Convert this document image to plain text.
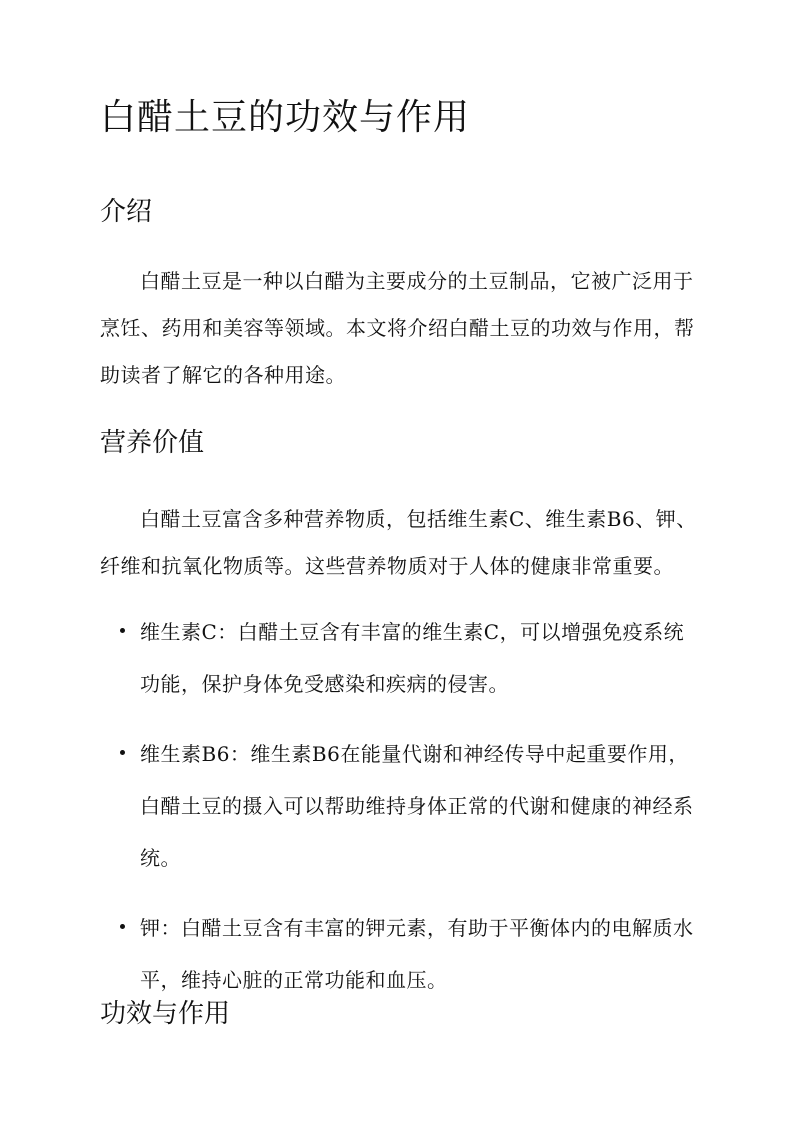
白醋土豆的功效与作用
介绍

白醋土豆是一种以白醋为主要成分的土豆制品，它被广泛用于烹饪、药用和美容等领域。本文将介绍白醋土豆的功效与作用，帮助读者了解它的各种用途。

营养价值

白醋土豆富含多种营养物质，包括维生素C、维生素B6、钾、纤维和抗氧化物质等。这些营养物质对于人体的健康非常重要。

维生素C：白醋土豆含有丰富的维生素C，可以增强免疫系统功能，保护身体免受感染和疾病的侵害。
维生素B6：维生素B6在能量代谢和神经传导中起重要作用，白醋土豆的摄入可以帮助维持身体正常的代谢和健康的神经系统。
钾：白醋土豆含有丰富的钾元素，有助于平衡体内的电解质水平，维持心脏的正常功能和血压。
功效与作用
